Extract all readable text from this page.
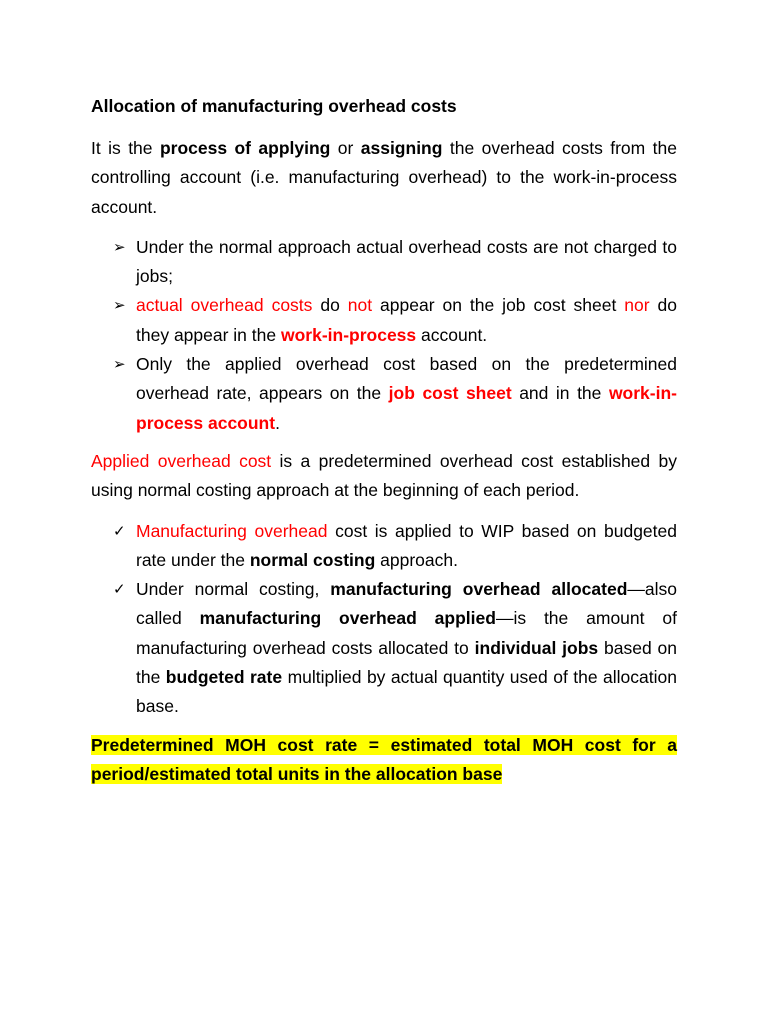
Allocation of manufacturing overhead costs

It is the process of applying or assigning the overhead costs from the controlling account (i.e. manufacturing overhead) to the work-in-process account.

➢ Under the normal approach actual overhead costs are not charged to jobs;
➢ actual overhead costs do not appear on the job cost sheet nor do they appear in the work-in-process account.
➢ Only the applied overhead cost based on the predetermined overhead rate, appears on the job cost sheet and in the work-in-process account.

Applied overhead cost is a predetermined overhead cost established by using normal costing approach at the beginning of each period.

✓ Manufacturing overhead cost is applied to WIP based on budgeted rate under the normal costing approach.
✓ Under normal costing, manufacturing overhead allocated—also called manufacturing overhead applied—is the amount of manufacturing overhead costs allocated to individual jobs based on the budgeted rate multiplied by actual quantity used of the allocation base.

Predetermined MOH cost rate = estimated total MOH cost for a period/estimated total units in the allocation base
